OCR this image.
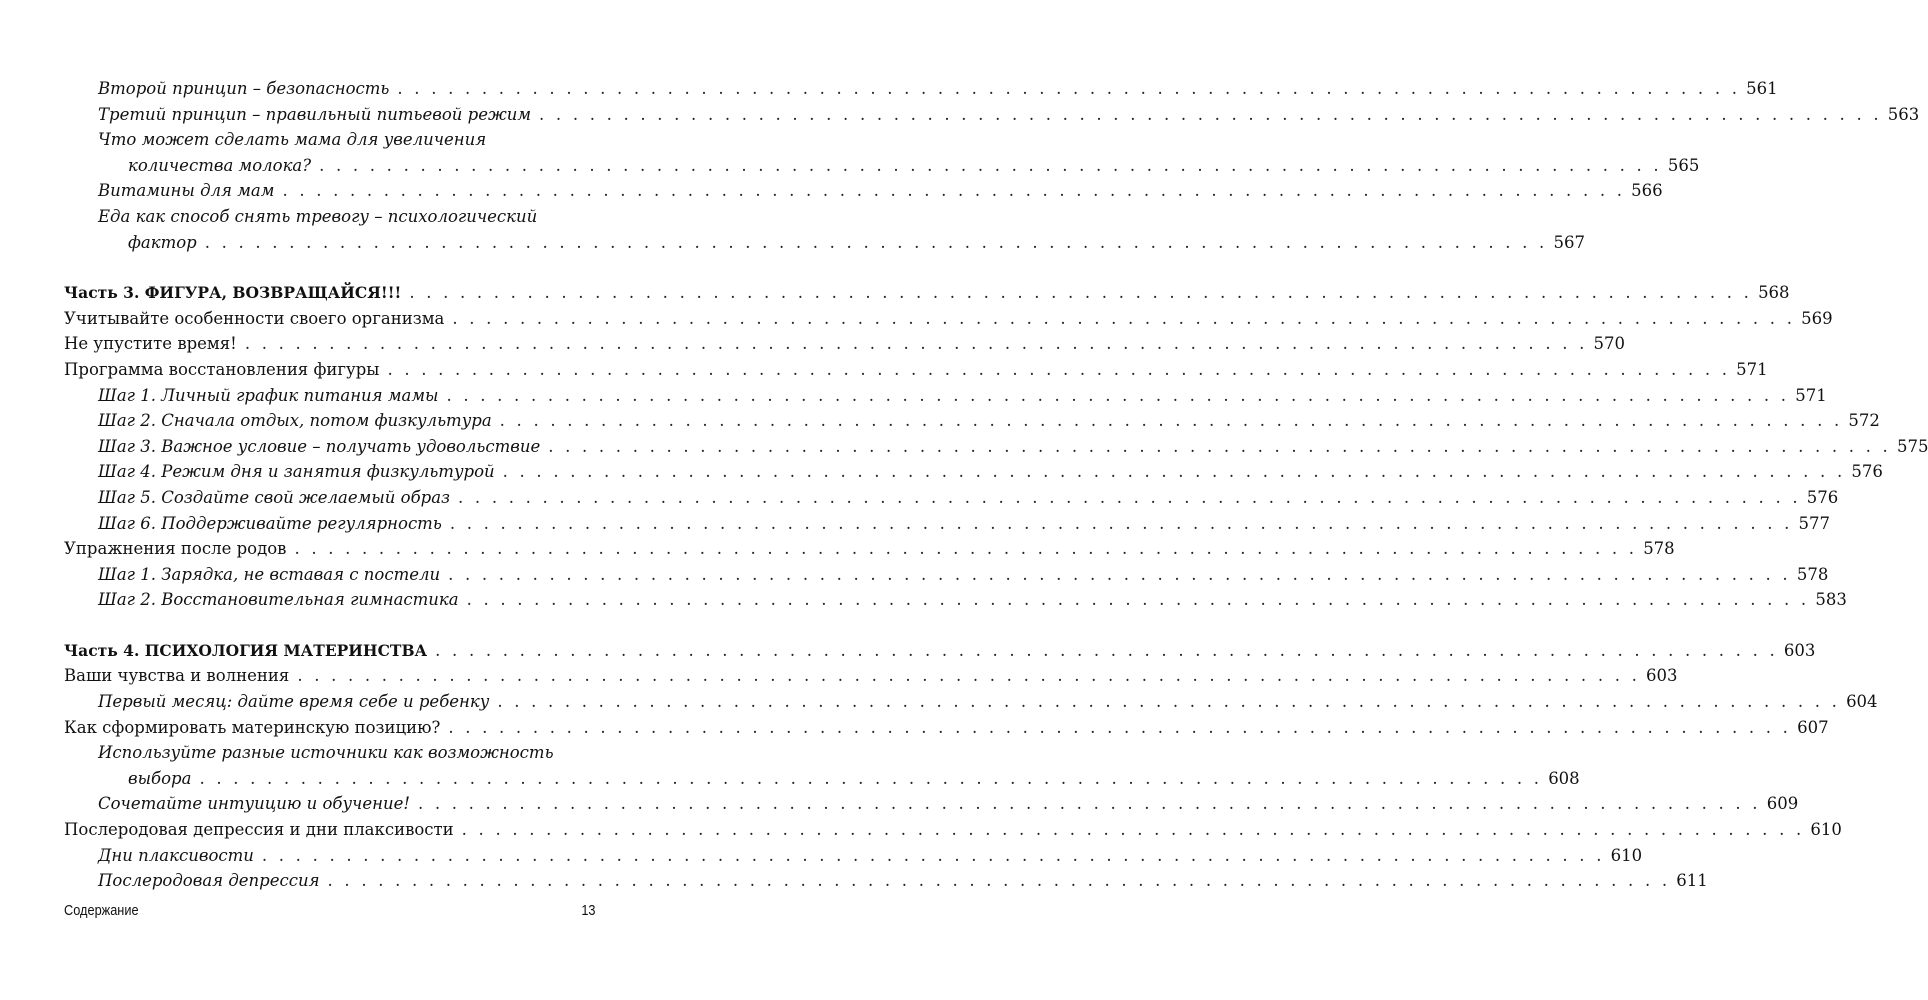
Второй принцип – безопасность . . . . . . . . . . . . . . . . . . . . . . . . . . . . . . . . . . . . . . . . . . . . . . . . . . . . . . . . . . . . . . . . . . . . . . . . . . . . . . . . 561
Третий принцип – правильный питьевой режим . . . . . . . . . . . . . . . . . . . . . . . . . . . . . . . . . . . . . . . . . . . . . . . . . . . . . . . . . . . . . . . . . . . . . . . . . . . . . . . . 563
Что может сделать мама для увеличения
количества молока? . . . . . . . . . . . . . . . . . . . . . . . . . . . . . . . . . . . . . . . . . . . . . . . . . . . . . . . . . . . . . . . . . . . . . . . . . . . . . . . . 565
Витамины для мам . . . . . . . . . . . . . . . . . . . . . . . . . . . . . . . . . . . . . . . . . . . . . . . . . . . . . . . . . . . . . . . . . . . . . . . . . . . . . . . . 566
Еда как способ снять тревогу – психологический
фактор . . . . . . . . . . . . . . . . . . . . . . . . . . . . . . . . . . . . . . . . . . . . . . . . . . . . . . . . . . . . . . . . . . . . . . . . . . . . . . . . 567
Часть 3. ФИГУРА, ВОЗВРАЩАЙСЯ!!! . . . . . . . . . . . . . . . . . . . . . . . . . . . . . . . . . . . . . . . . . . . . . . . . . . . . . . . . . . . . . . . . . . . . . . . . . . . . . . . . 568
Учитывайте особенности своего организма . . . . . . . . . . . . . . . . . . . . . . . . . . . . . . . . . . . . . . . . . . . . . . . . . . . . . . . . . . . . . . . . . . . . . . . . . . . . . . . . 569
Не упустите время! . . . . . . . . . . . . . . . . . . . . . . . . . . . . . . . . . . . . . . . . . . . . . . . . . . . . . . . . . . . . . . . . . . . . . . . . . . . . . . . . 570
Программа восстановления фигуры . . . . . . . . . . . . . . . . . . . . . . . . . . . . . . . . . . . . . . . . . . . . . . . . . . . . . . . . . . . . . . . . . . . . . . . . . . . . . . . . 571
Шаг 1. Личный график питания мамы . . . . . . . . . . . . . . . . . . . . . . . . . . . . . . . . . . . . . . . . . . . . . . . . . . . . . . . . . . . . . . . . . . . . . . . . . . . . . . . . 571
Шаг 2. Сначала отдых, потом физкультура . . . . . . . . . . . . . . . . . . . . . . . . . . . . . . . . . . . . . . . . . . . . . . . . . . . . . . . . . . . . . . . . . . . . . . . . . . . . . . . . 572
Шаг 3. Важное условие – получать удовольствие . . . . . . . . . . . . . . . . . . . . . . . . . . . . . . . . . . . . . . . . . . . . . . . . . . . . . . . . . . . . . . . . . . . . . . . . . . . . . . . . 575
Шаг 4. Режим дня и занятия физкультурой . . . . . . . . . . . . . . . . . . . . . . . . . . . . . . . . . . . . . . . . . . . . . . . . . . . . . . . . . . . . . . . . . . . . . . . . . . . . . . . . 576
Шаг 5. Создайте свой желаемый образ . . . . . . . . . . . . . . . . . . . . . . . . . . . . . . . . . . . . . . . . . . . . . . . . . . . . . . . . . . . . . . . . . . . . . . . . . . . . . . . . 576
Шаг 6. Поддерживайте регулярность . . . . . . . . . . . . . . . . . . . . . . . . . . . . . . . . . . . . . . . . . . . . . . . . . . . . . . . . . . . . . . . . . . . . . . . . . . . . . . . . 577
Упражнения после родов . . . . . . . . . . . . . . . . . . . . . . . . . . . . . . . . . . . . . . . . . . . . . . . . . . . . . . . . . . . . . . . . . . . . . . . . . . . . . . . . 578
Шаг 1. Зарядка, не вставая с постели . . . . . . . . . . . . . . . . . . . . . . . . . . . . . . . . . . . . . . . . . . . . . . . . . . . . . . . . . . . . . . . . . . . . . . . . . . . . . . . . 578
Шаг 2. Восстановительная гимнастика . . . . . . . . . . . . . . . . . . . . . . . . . . . . . . . . . . . . . . . . . . . . . . . . . . . . . . . . . . . . . . . . . . . . . . . . . . . . . . . . 583
Часть 4. ПСИХОЛОГИЯ МАТЕРИНСТВА . . . . . . . . . . . . . . . . . . . . . . . . . . . . . . . . . . . . . . . . . . . . . . . . . . . . . . . . . . . . . . . . . . . . . . . . . . . . . . . . 603
Ваши чувства и волнения . . . . . . . . . . . . . . . . . . . . . . . . . . . . . . . . . . . . . . . . . . . . . . . . . . . . . . . . . . . . . . . . . . . . . . . . . . . . . . . . 603
Первый месяц: дайте время себе и ребенку . . . . . . . . . . . . . . . . . . . . . . . . . . . . . . . . . . . . . . . . . . . . . . . . . . . . . . . . . . . . . . . . . . . . . . . . . . . . . . . . 604
Как сформировать материнскую позицию? . . . . . . . . . . . . . . . . . . . . . . . . . . . . . . . . . . . . . . . . . . . . . . . . . . . . . . . . . . . . . . . . . . . . . . . . . . . . . . . . 607
Используйте разные источники как возможность
выбора . . . . . . . . . . . . . . . . . . . . . . . . . . . . . . . . . . . . . . . . . . . . . . . . . . . . . . . . . . . . . . . . . . . . . . . . . . . . . . . . 608
Сочетайте интуицию и обучение! . . . . . . . . . . . . . . . . . . . . . . . . . . . . . . . . . . . . . . . . . . . . . . . . . . . . . . . . . . . . . . . . . . . . . . . . . . . . . . . . 609
Послеродовая депрессия и дни плаксивости . . . . . . . . . . . . . . . . . . . . . . . . . . . . . . . . . . . . . . . . . . . . . . . . . . . . . . . . . . . . . . . . . . . . . . . . . . . . . . . . 610
Дни плаксивости . . . . . . . . . . . . . . . . . . . . . . . . . . . . . . . . . . . . . . . . . . . . . . . . . . . . . . . . . . . . . . . . . . . . . . . . . . . . . . . . 610
Послеродовая депрессия . . . . . . . . . . . . . . . . . . . . . . . . . . . . . . . . . . . . . . . . . . . . . . . . . . . . . . . . . . . . . . . . . . . . . . . . . . . . . . . . 611
Содержание	13
